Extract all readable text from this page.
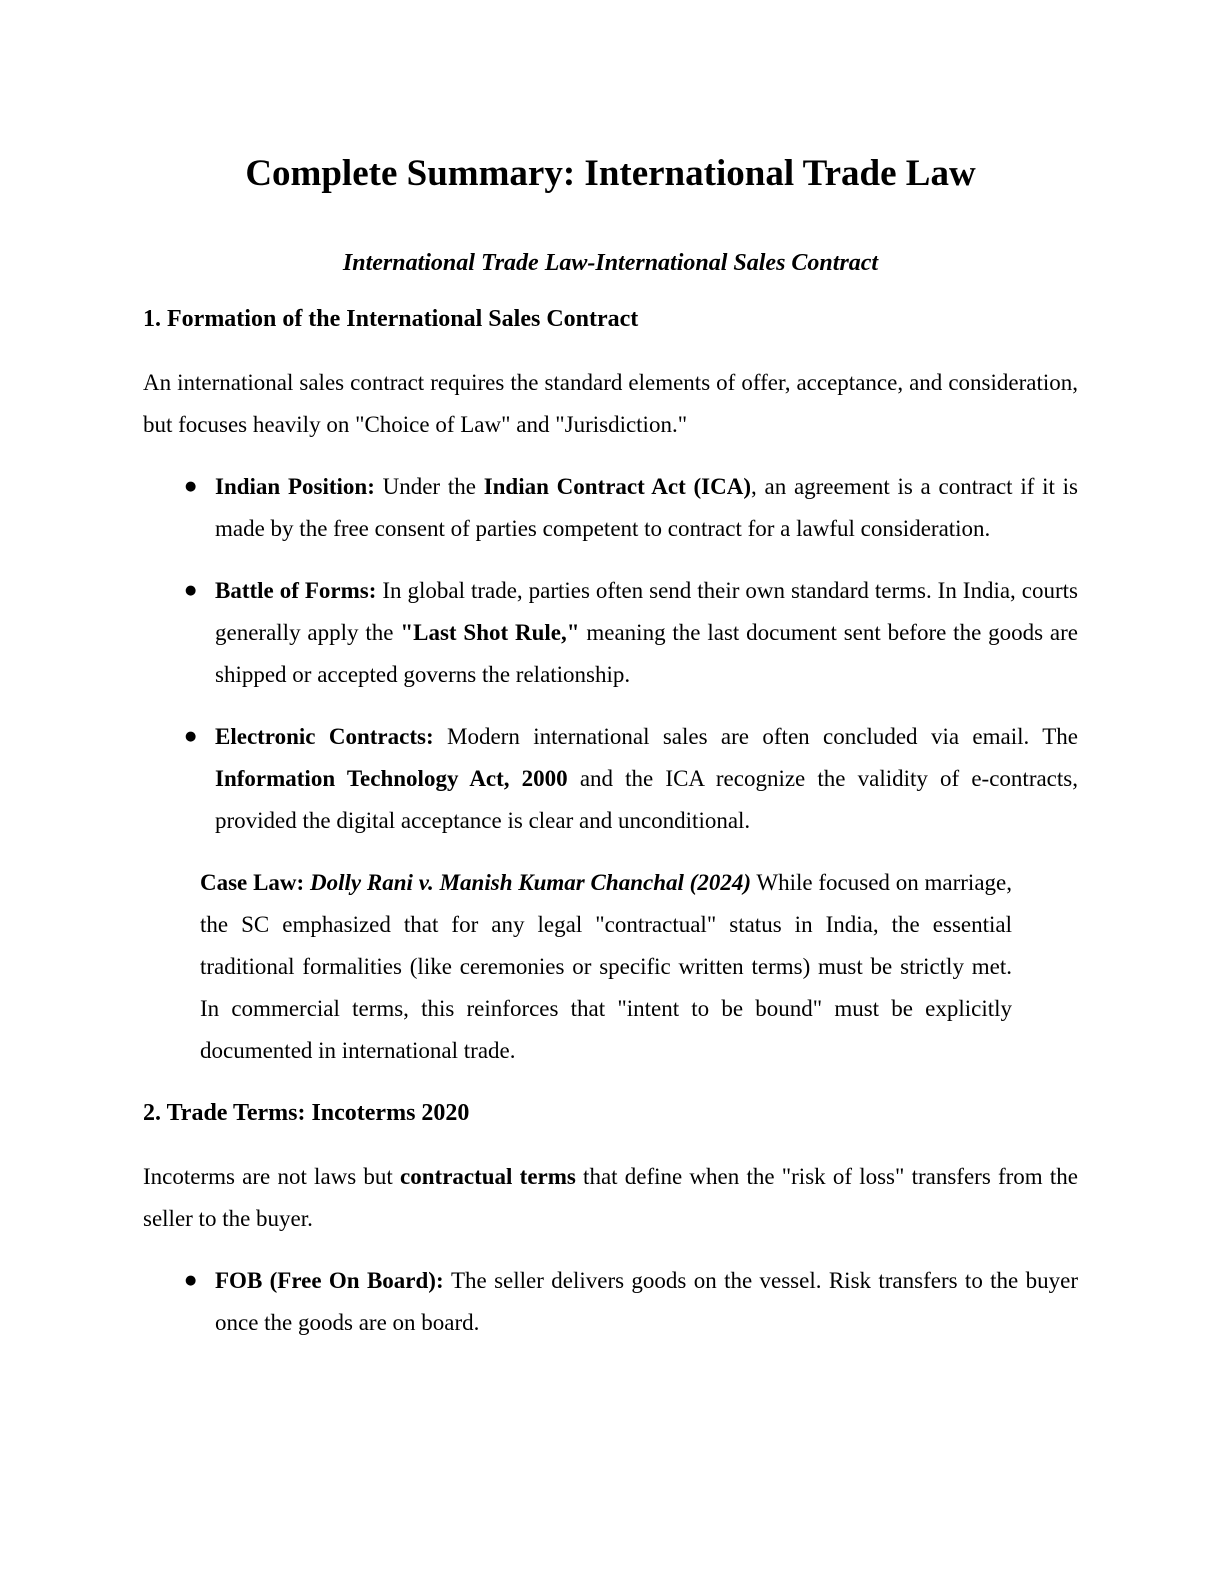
Complete Summary: International Trade Law

International Trade Law-International Sales Contract

1. Formation of the International Sales Contract

An international sales contract requires the standard elements of offer, acceptance, and consideration, but focuses heavily on "Choice of Law" and "Jurisdiction."

● Indian Position: Under the Indian Contract Act (ICA), an agreement is a contract if it is made by the free consent of parties competent to contract for a lawful consideration.
● Battle of Forms: In global trade, parties often send their own standard terms. In India, courts generally apply the "Last Shot Rule," meaning the last document sent before the goods are shipped or accepted governs the relationship.
● Electronic Contracts: Modern international sales are often concluded via email. The Information Technology Act, 2000 and the ICA recognize the validity of e-contracts, provided the digital acceptance is clear and unconditional.

Case Law: Dolly Rani v. Manish Kumar Chanchal (2024) While focused on marriage, the SC emphasized that for any legal "contractual" status in India, the essential traditional formalities (like ceremonies or specific written terms) must be strictly met. In commercial terms, this reinforces that "intent to be bound" must be explicitly documented in international trade.

2. Trade Terms: Incoterms 2020

Incoterms are not laws but contractual terms that define when the "risk of loss" transfers from the seller to the buyer.

● FOB (Free On Board): The seller delivers goods on the vessel. Risk transfers to the buyer once the goods are on board.
